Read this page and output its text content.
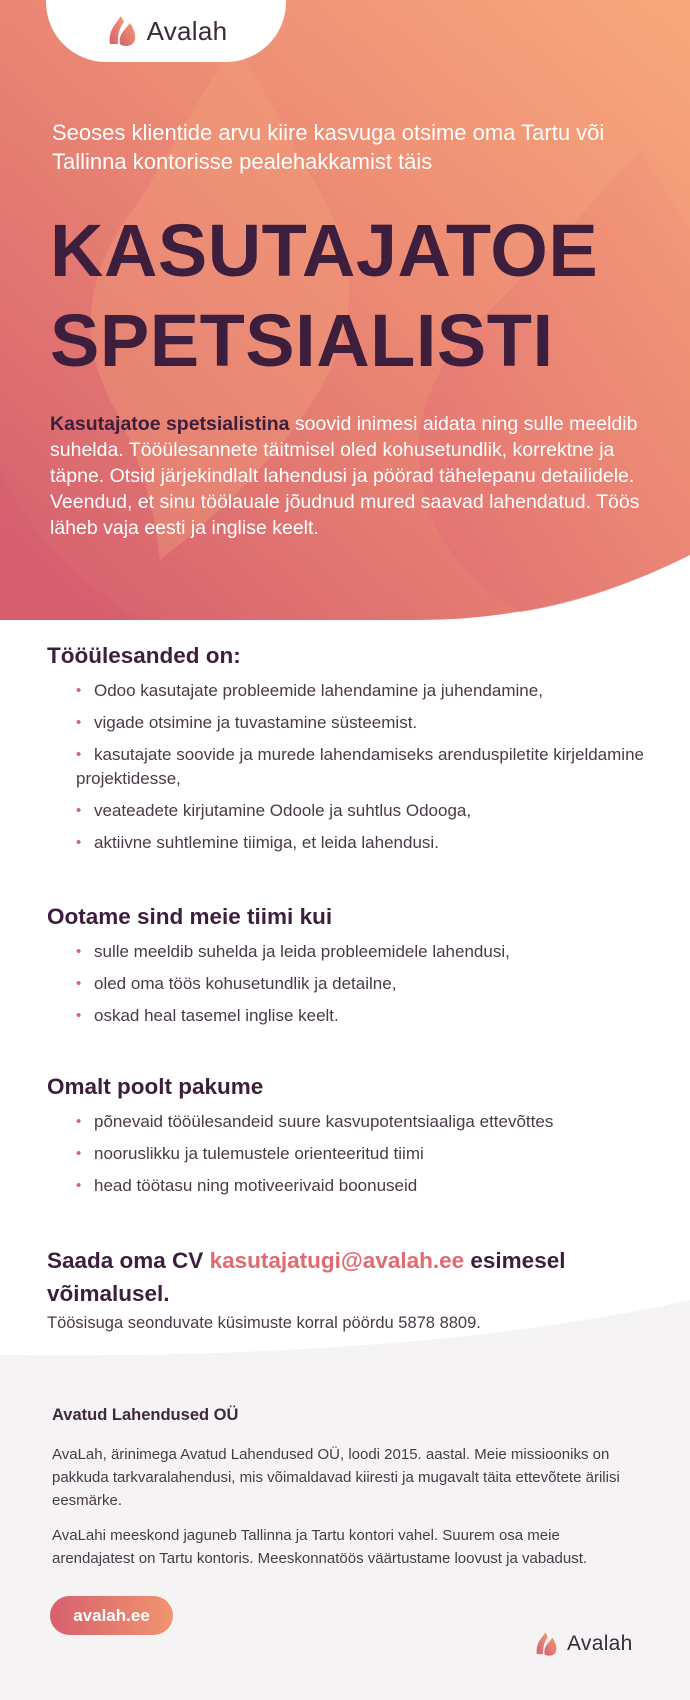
Avalah
Seoses klientide arvu kiire kasvuga otsime oma Tartu või Tallinna kontorisse pealehakkamist täis
KASUTAJATOE
SPETSIALISTI
Kasutajatoe spetsialistina soovid inimesi aidata ning sulle meeldib suhelda. Tööülesannete täitmisel oled kohusetundlik, korrektne ja täpne. Otsid järjekindlalt lahendusi ja pöörad tähelepanu detailidele. Veendud, et sinu töölauale jõudnud mured saavad lahendatud. Töös läheb vaja eesti ja inglise keelt.
Tööülesanded on:
• Odoo kasutajate probleemide lahendamine ja juhendamine,
• vigade otsimine ja tuvastamine süsteemist.
• kasutajate soovide ja murede lahendamiseks arenduspiletite kirjeldamine projektidesse,
• veateadete kirjutamine Odoole ja suhtlus Odooga,
• aktiivne suhtlemine tiimiga, et leida lahendusi.
Ootame sind meie tiimi kui
• sulle meeldib suhelda ja leida probleemidele lahendusi,
• oled oma töös kohusetundlik ja detailne,
• oskad heal tasemel inglise keelt.
Omalt poolt pakume
• põnevaid tööülesandeid suure kasvupotentsiaaliga ettevõttes
• nooruslikku ja tulemustele orienteeritud tiimi
• head töötasu ning motiveerivaid boonuseid
Avatud Lahendused OÜ
AvaLah, ärinimega Avatud Lahendused OÜ, loodi 2015. aastal. Meie missiooniks on pakkuda tarkvaralahendusi, mis võimaldavad kiiresti ja mugavalt täita ettevõtete ärilisi eesmärke.
AvaLahi meeskond jaguneb Tallinna ja Tartu kontori vahel. Suurem osa meie arendajatest on Tartu kontoris. Meeskonnatöös väärtustame loovust ja vabadust.
avalah.ee
Avalah
Saada oma CV kasutajatugi@avalah.ee esimesel võimalusel.
Töösisuga seonduvate küsimuste korral pöördu 5878 8809.
